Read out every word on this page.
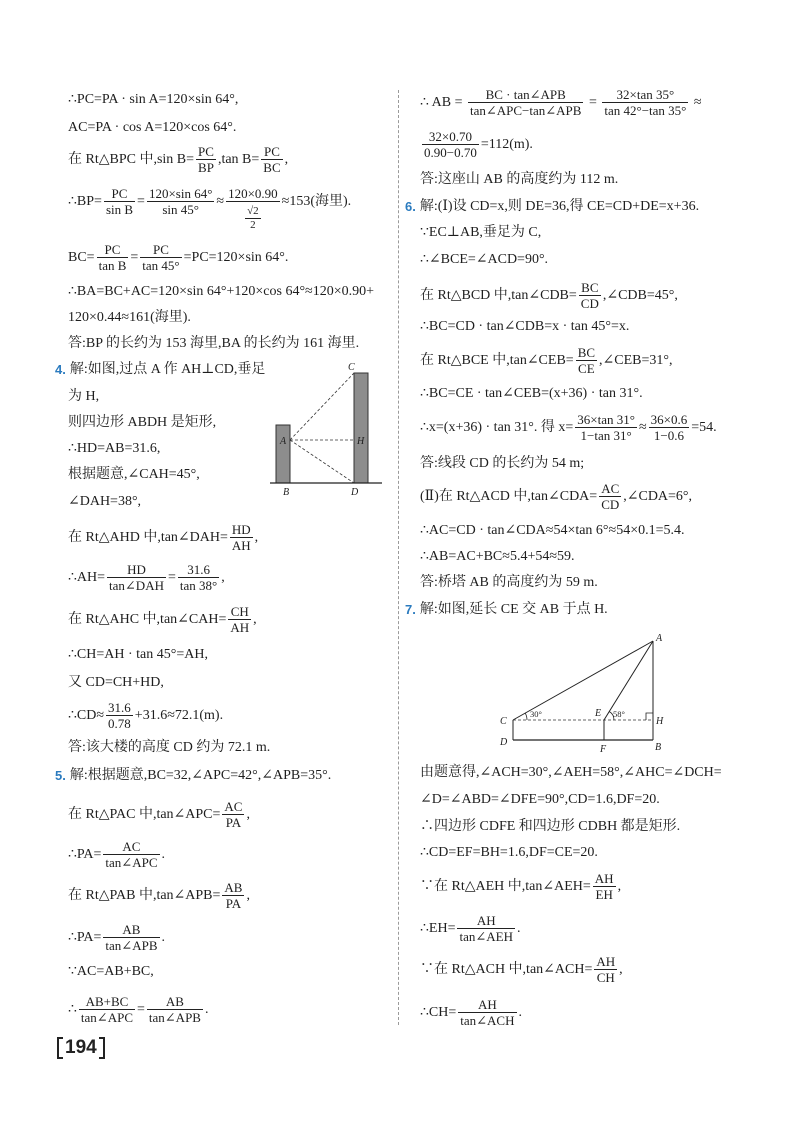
C
H
A
B	D
A
C
E
H
D
F	B
30°	58°
194
∴PC=PA · sin A=120×sin 64°,
AC=PA · cos A=120×cos 64°.
在 Rt△BPC 中,sin $B= \frac{PC}{BP} ,\tan$ $B= \frac{PC}{BC}$ ,
∴BP= $\frac{PC}{\text{sin B}} = \frac{120\times\sin 64^\circ}{\sin 45^\circ} \approx \frac{120\times 0.90}{\frac{√2}{2}} \approx 153$(海里).
$BC= \frac{PC}{\text{tan B}} = \frac{PC}{\tan 45^\circ} =PC=120\times\sin$ 64°.
∴BA=BC+AC=120×sin 64°+120×cos 64°≈120×0.90+
120×0.44≈161(海里).
答:BP 的长约为 153 海里,BA 的长约为 161 海里.
4. 解:如图,过点 A 作 AH⊥CD,垂足
为 H,
则四边形 ABDH 是矩形,
∴HD=AB=31.6,
根据题意,∠CAH=45°,
∠DAH=38°,
在 Rt△AHD 中,tan∠DAH= $\frac{HD}{AH}$ ,
∴AH= $\frac{HD}{\text{tan∠DAH}} = \frac{31.6}{\tan 38^\circ}$ ,
在 Rt△AHC 中,tan∠CAH= $\frac{CH}{AH}$ ,
∴CH=AH · tan 45°=AH,
又 CD=CH+HD,
∴CD≈ $\frac{31.6}{0.78} +31.6\approx 72.1(m)$.
答:该大楼的高度 CD 约为 72.1 m.
5. 解:根据题意,BC=32,∠APC=42°,∠APB=35°.
在 Rt△PAC 中,tan∠APC= $\frac{AC}{PA}$ ,
∴PA= $\frac{AC}{\text{tan∠APC}}$ .
在 Rt△PAB 中,tan∠APB= $\frac{AB}{PA}$ ,
∴PA= $\frac{AB}{\text{tan∠APB}}$ .
∵AC=AB+BC,
∴ $\frac{AB+BC}{\text{tan∠APC}} = \frac{AB}{\text{tan∠APB}}$ .
∴ AB = $\frac{\text{BC · tan∠APB}}{\text{tan∠APC−tan∠APB}} = \frac{32\times\tan 35^\circ}{\tan 42^\circ-\tan 35^\circ}$ ≈
$\frac{32\times 0.70}{0.90-0.70} =112(m)$.
答:这座山 AB 的高度约为 112 m.
6. 解:(Ⅰ)设 CD=x,则 DE=36,得 CE=CD+DE=x+36.
∵EC⊥AB,垂足为 C,
∴∠BCE=∠ACD=90°.
在 Rt△BCD 中,tan∠CDB= $\frac{BC}{CD}$ ,∠CDB=45°,
∴BC=CD · tan∠CDB=x · tan 45°=x.
在 Rt△BCE 中,tan∠CEB= $\frac{BC}{CE}$ ,∠CEB=31°,
∴BC=CE · tan∠CEB=(x+36) · tan 31°.
∴x=(x+36) · tan 31°. 得 $x= \frac{36\times\tan 31^\circ}{1-\tan 31^\circ} \approx \frac{36\times 0.6}{1-0.6} =54$.
答:线段 CD 的长约为 54 m;
(Ⅱ)在 Rt△ACD 中,tan∠CDA= $\frac{AC}{CD}$ ,∠CDA=6°,
∴AC=CD · tan∠CDA≈54×tan 6°≈54×0.1=5.4.
∴AB=AC+BC≈5.4+54≈59.
答:桥塔 AB 的高度约为 59 m.
7. 解:如图,延长 CE 交 AB 于点 H.
由题意得,∠ACH=30°,∠AEH=58°,∠AHC=∠DCH=
∠D=∠ABD=∠DFE=90°,CD=1.6,DF=20.
∴四边形 CDFE 和四边形 CDBH 都是矩形.
∴CD=EF=BH=1.6,DF=CE=20.
∵在 Rt△AEH 中,tan∠AEH= $\frac{AH}{EH}$ ,
∴EH= $\frac{AH}{\text{tan∠AEH}}$ .
∵在 Rt△ACH 中,tan∠ACH= $\frac{AH}{CH}$ ,
∴CH= $\frac{AH}{\text{tan∠ACH}}$ .
